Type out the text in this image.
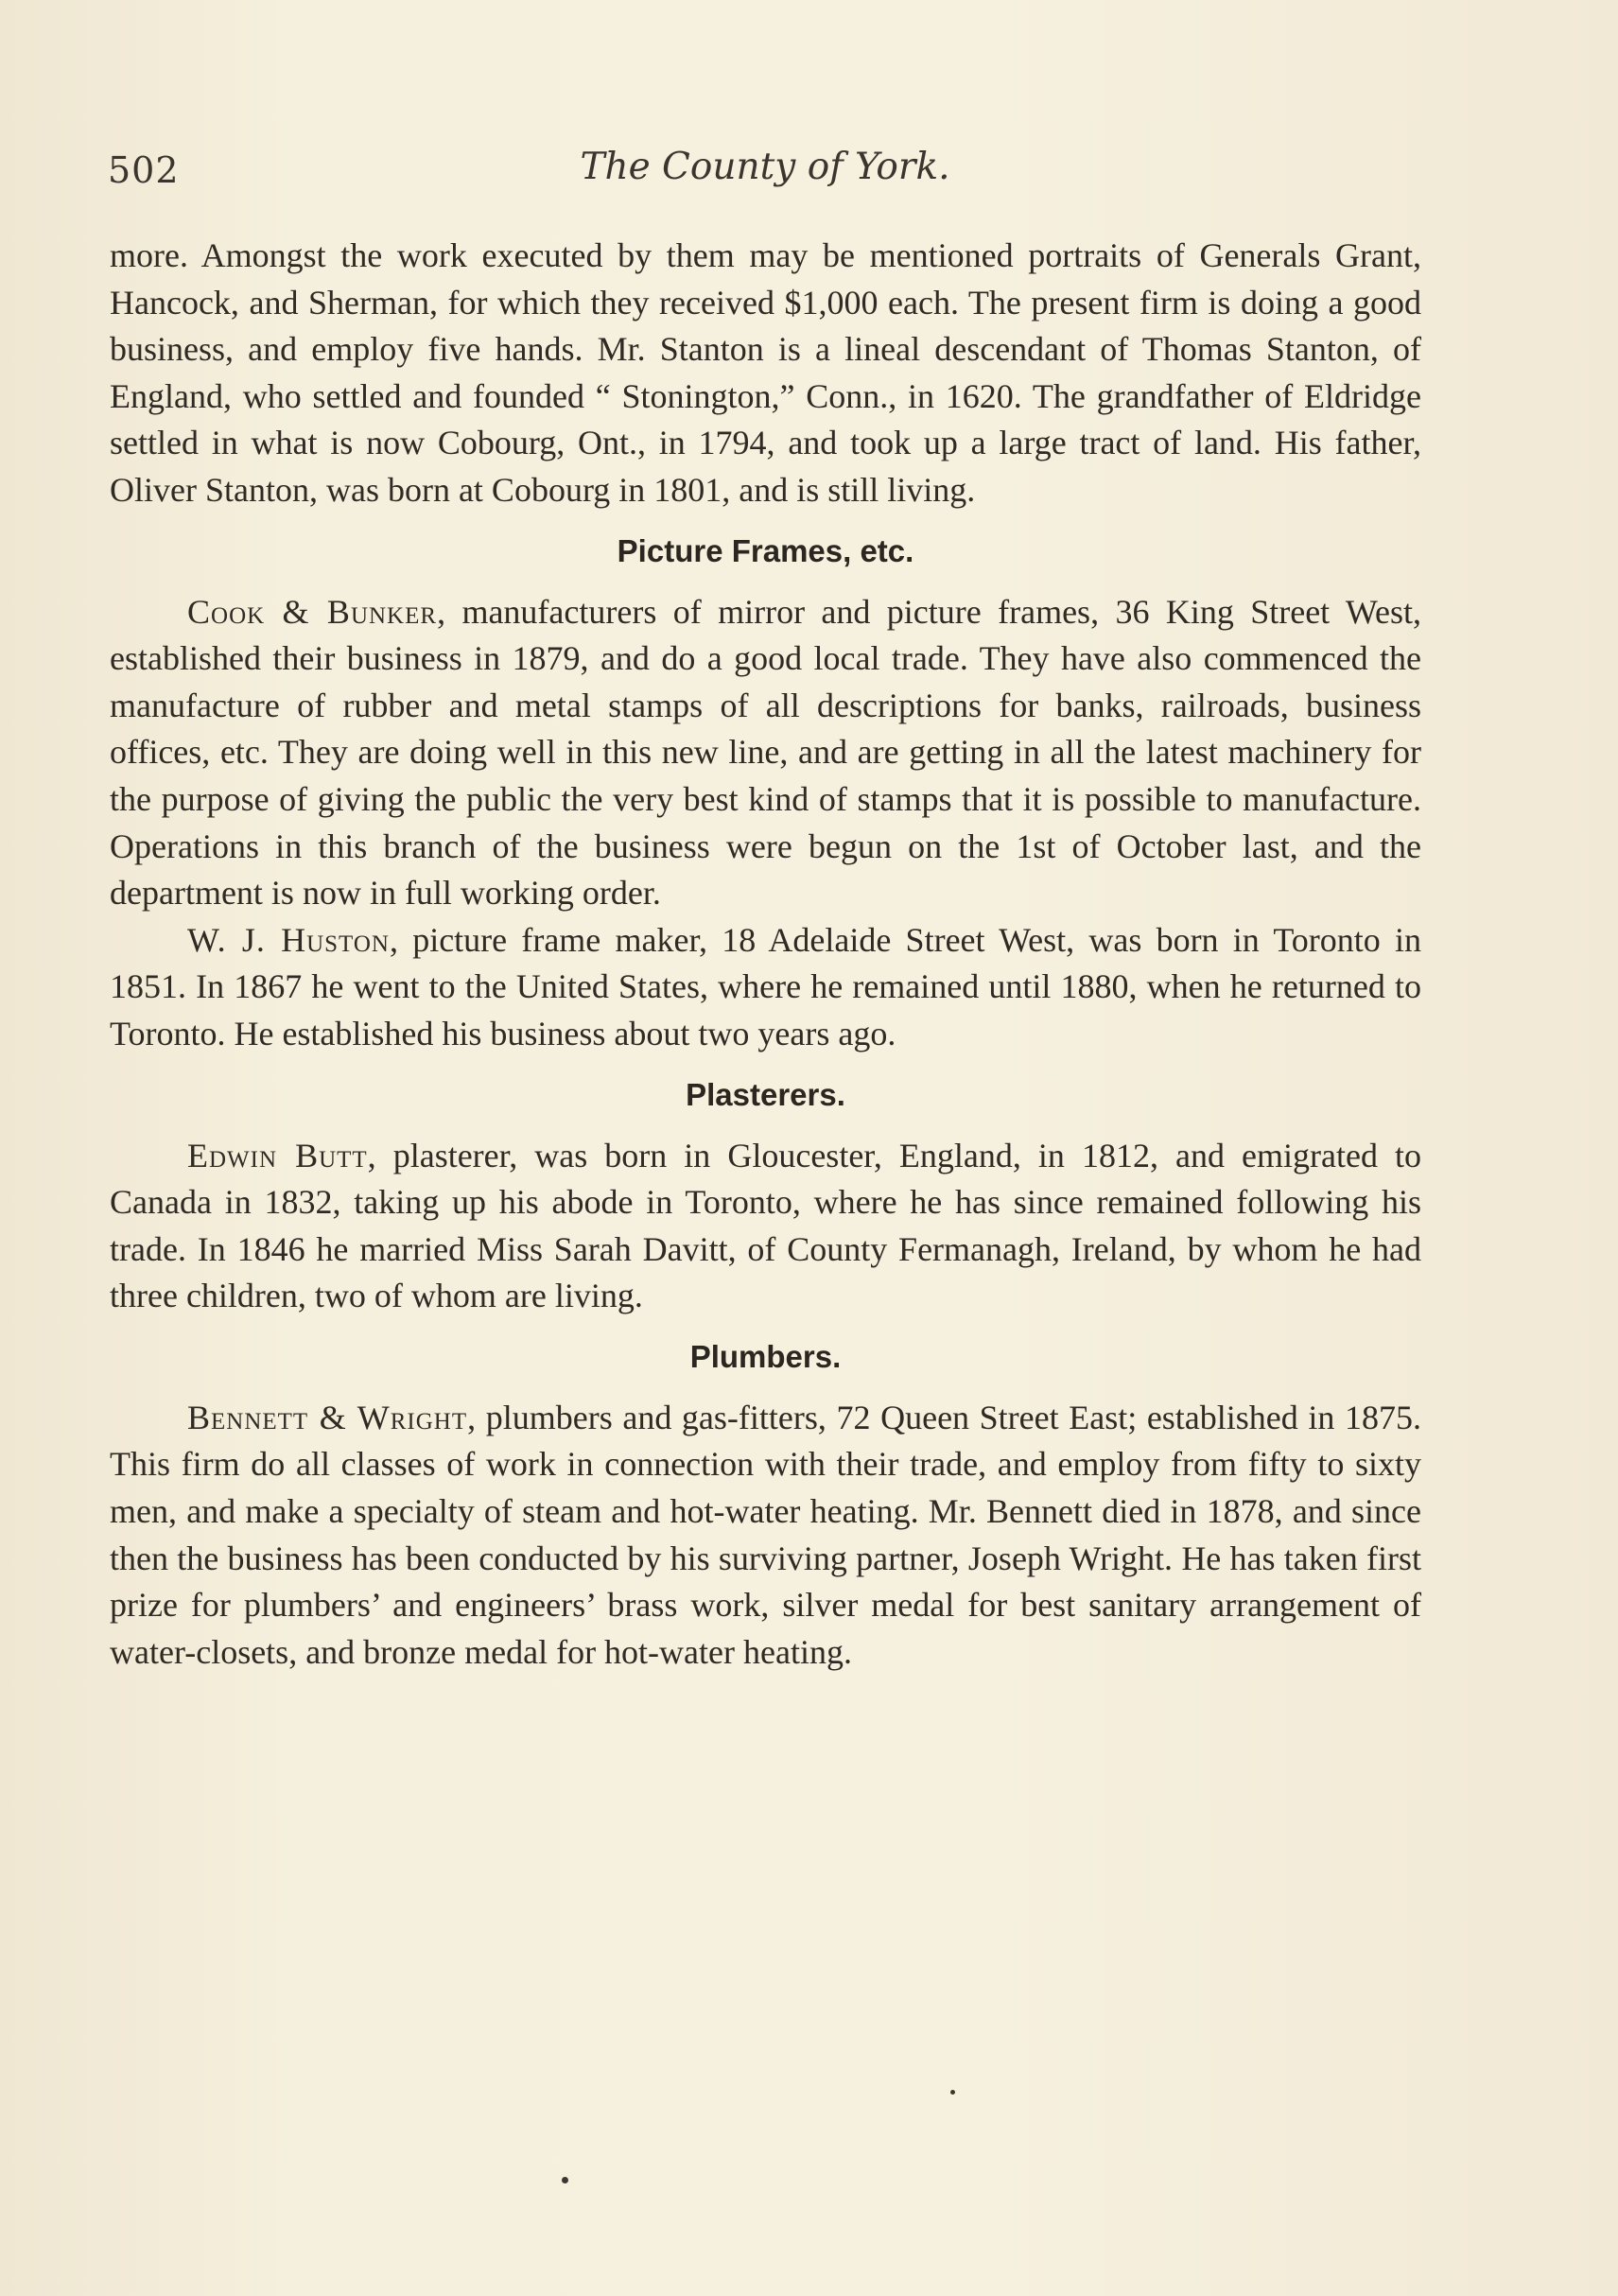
502	The County of York.

more. Amongst the work executed by them may be mentioned portraits of Generals Grant, Hancock, and Sherman, for which they received $1,000 each. The present firm is doing a good business, and employ five hands. Mr. Stanton is a lineal descendant of Thomas Stanton, of England, who settled and founded “ Stonington,” Conn., in 1620. The grandfather of Eldridge settled in what is now Cobourg, Ont., in 1794, and took up a large tract of land. His father, Oliver Stanton, was born at Cobourg in 1801, and is still living.

Picture Frames, etc.

Cook & Bunker, manufacturers of mirror and picture frames, 36 King Street West, established their business in 1879, and do a good local trade. They have also commenced the manufacture of rubber and metal stamps of all descriptions for banks, railroads, business offices, etc. They are doing well in this new line, and are getting in all the latest machinery for the purpose of giving the public the very best kind of stamps that it is possible to manufacture. Operations in this branch of the business were begun on the 1st of October last, and the department is now in full working order.

W. J. Huston, picture frame maker, 18 Adelaide Street West, was born in Toronto in 1851. In 1867 he went to the United States, where he remained until 1880, when he returned to Toronto. He established his business about two years ago.

Plasterers.

Edwin Butt, plasterer, was born in Gloucester, England, in 1812, and emigrated to Canada in 1832, taking up his abode in Toronto, where he has since remained following his trade. In 1846 he married Miss Sarah Davitt, of County Fermanagh, Ireland, by whom he had three children, two of whom are living.

Plumbers.

Bennett & Wright, plumbers and gas-fitters, 72 Queen Street East; established in 1875. This firm do all classes of work in connection with their trade, and employ from fifty to sixty men, and make a specialty of steam and hot-water heating. Mr. Bennett died in 1878, and since then the business has been conducted by his surviving partner, Joseph Wright. He has taken first prize for plumbers’ and engineers’ brass work, silver medal for best sanitary arrangement of water-closets, and bronze medal for hot-water heating.
